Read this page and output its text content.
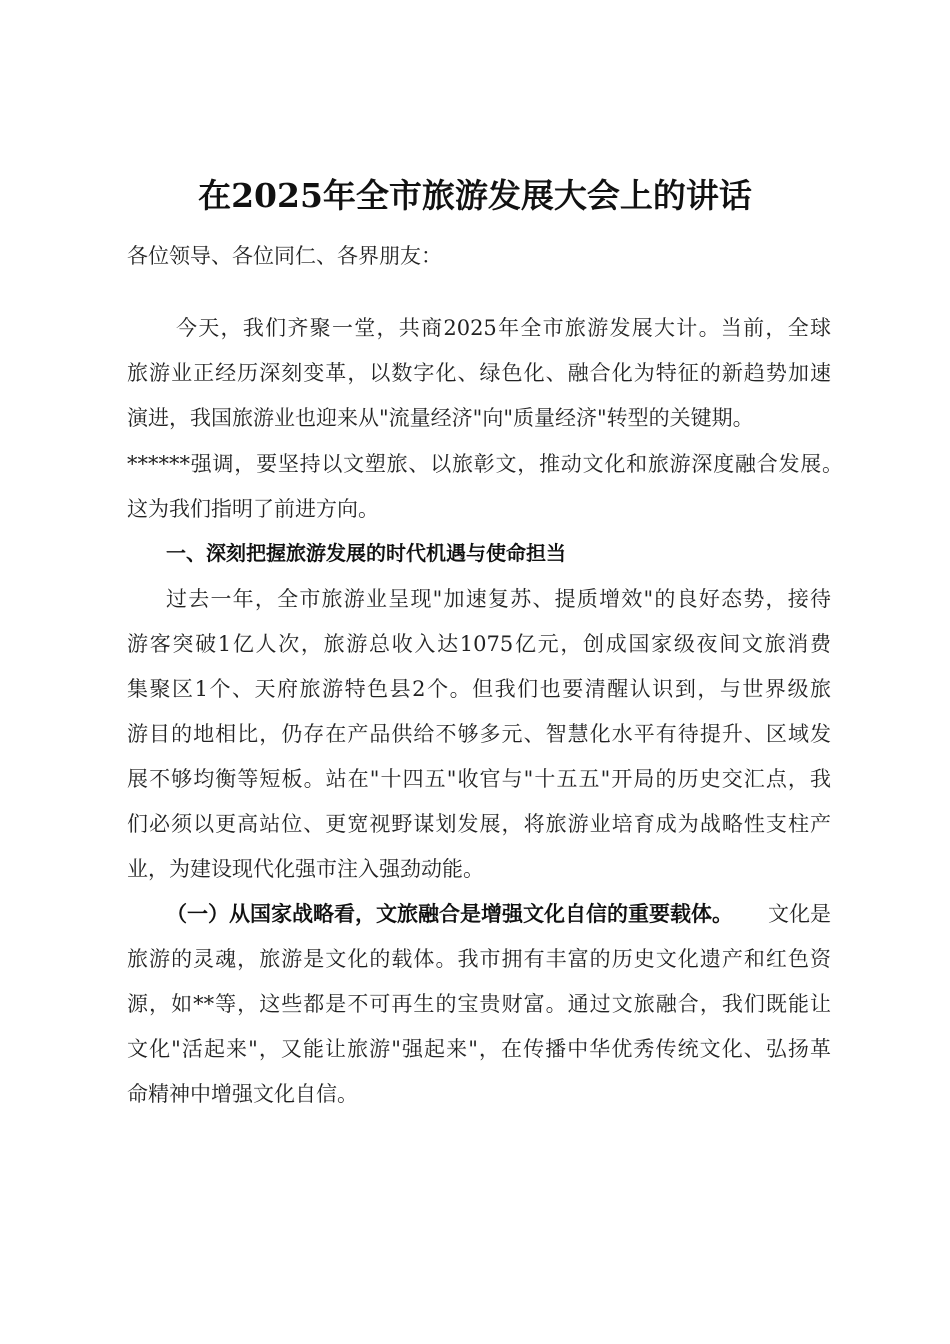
在2025年全市旅游发展大会上的讲话
各位领导、各位同仁、各界朋友：
今天，我们齐聚一堂，共商2025年全市旅游发展大计。当前，全球
旅游业正经历深刻变革，以数字化、绿色化、融合化为特征的新趋势加速
演进，我国旅游业也迎来从"流量经济"向"质量经济"转型的关键期。
******强调，要坚持以文塑旅、以旅彰文，推动文化和旅游深度融合发展。
这为我们指明了前进方向。
一、深刻把握旅游发展的时代机遇与使命担当
过去一年，全市旅游业呈现"加速复苏、提质增效"的良好态势，接待
游客突破1亿人次，旅游总收入达1075亿元，创成国家级夜间文旅消费
集聚区1个、天府旅游特色县2个。但我们也要清醒认识到，与世界级旅
游目的地相比，仍存在产品供给不够多元、智慧化水平有待提升、区域发
展不够均衡等短板。站在"十四五"收官与"十五五"开局的历史交汇点，我
们必须以更高站位、更宽视野谋划发展，将旅游业培育成为战略性支柱产
业，为建设现代化强市注入强劲动能。
（一）从国家战略看，文旅融合是增强文化自信的重要载体。 文化是
旅游的灵魂，旅游是文化的载体。我市拥有丰富的历史文化遗产和红色资
源，如**等，这些都是不可再生的宝贵财富。通过文旅融合，我们既能让
文化"活起来"，又能让旅游"强起来"，在传播中华优秀传统文化、弘扬革
命精神中增强文化自信。
